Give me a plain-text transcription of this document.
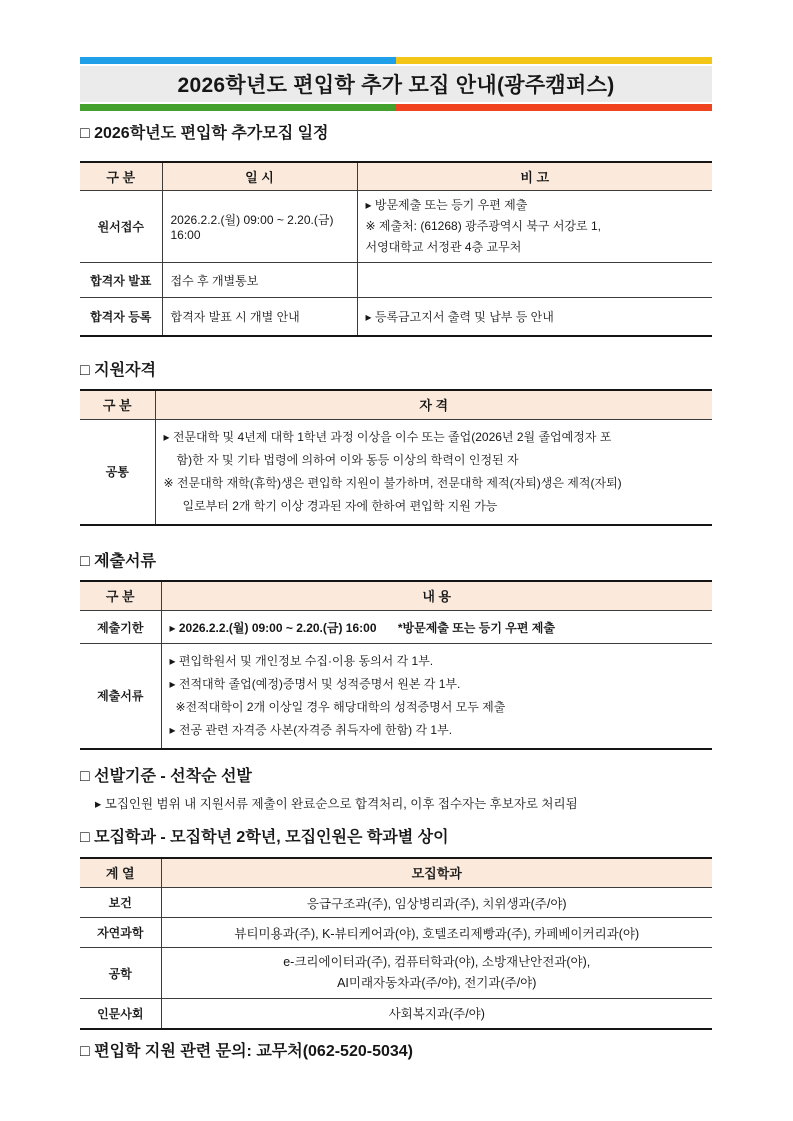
2026학년도 편입학 추가 모집 안내(광주캠퍼스)
□ 2026학년도 편입학 추가모집 일정
구 분	일 시	비 고
원서접수	2026.2.2.(월) 09:00 ~ 2.20.(금) 16:00	▸ 방문제출 또는 등기 우편 제출
※ 제출처: (61268) 광주광역시 북구 서강로 1,
서영대학교 서정관 4층 교무처

합격자 발표	접수 후 개별통보	
합격자 등록	합격자 발표 시 개별 안내	▸ 등록금고지서 출력 및 납부 등 안내
□ 지원자격
구 분	자 격
공통	▸ 전문대학 및 4년제 대학 1학년 과정 이상을 이수 또는 졸업(2026년 2월 졸업예정자 포
함)한 자 및 기타 법령에 의하여 이와 동등 이상의 학력이 인정된 자
※ 전문대학 재학(휴학)생은 편입학 지원이 불가하며, 전문대학 제적(자퇴)생은 제적(자퇴)
일로부터 2개 학기 이상 경과된 자에 한하여 편입학 지원 가능
□ 제출서류
구 분	내 용
제출기한	▸ 2026.2.2.(월) 09:00 ~ 2.20.(금) 16:00 *방문제출 또는 등기 우편 제출
제출서류	▸ 편입학원서 및 개인정보 수집·이용 동의서 각 1부.
▸ 전적대학 졸업(예정)증명서 및 성적증명서 원본 각 1부.
※전적대학이 2개 이상일 경우 해당대학의 성적증명서 모두 제출
▸ 전공 관련 자격증 사본(자격증 취득자에 한함) 각 1부.
□ 선발기준 - 선착순 선발
▸ 모집인원 범위 내 지원서류 제출이 완료순으로 합격처리, 이후 접수자는 후보자로 처리됨
□ 모집학과 - 모집학년 2학년, 모집인원은 학과별 상이
계 열	모집학과
보건	응급구조과(주), 임상병리과(주), 치위생과(주/야)
자연과학	뷰티미용과(주), K-뷰티케어과(야), 호텔조리제빵과(주), 카페베이커리과(야)
공학	e-크리에이터과(주), 컴퓨터학과(야), 소방재난안전과(야),
AI미래자동차과(주/야), 전기과(주/야)

인문사회	사회복지과(주/야)
□ 편입학 지원 관련 문의: 교무처(062-520-5034)
